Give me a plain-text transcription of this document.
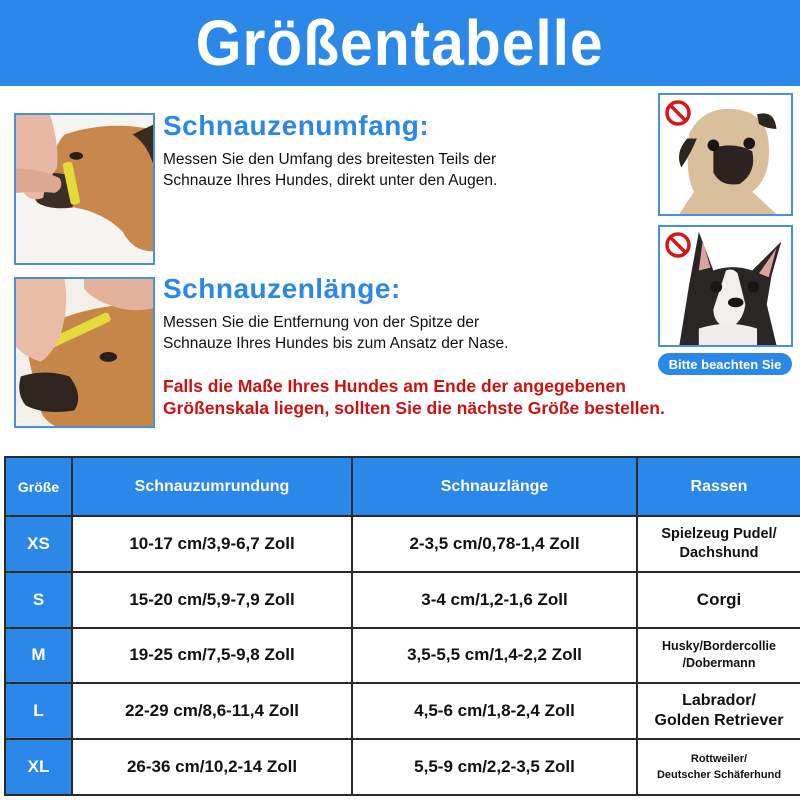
Größentabelle
Schnauzenumfang:
Messen Sie den Umfang des breitesten Teils der
Schnauze Ihres Hundes, direkt unter den Augen.
Schnauzenlänge:
Messen Sie die Entfernung von der Spitze der
Schnauze Ihres Hundes bis zum Ansatz der Nase.
Falls die Maße Ihres Hundes am Ende der angegebenen
Größenskala liegen, sollten Sie die nächste Größe bestellen.
Bitte beachten Sie
Größe	Schnauzumrundung	Schnauzlänge	Rassen
XS	10-17 cm/3,9-6,7 Zoll	2-3,5 cm/0,78-1,4 Zoll	Spielzeug Pudel/
Dachshund

S	15-20 cm/5,9-7,9 Zoll	3-4 cm/1,2-1,6 Zoll	Corgi

M	19-25 cm/7,5-9,8 Zoll	3,5-5,5 cm/1,4-2,2 Zoll	Husky/Bordercollie
/Dobermann

L	22-29 cm/8,6-11,4 Zoll	4,5-6 cm/1,8-2,4 Zoll	Labrador/
Golden Retriever

XL	26-36 cm/10,2-14 Zoll	5,5-9 cm/2,2-3,5 Zoll	Rottweiler/
Deutscher Schäferhund
